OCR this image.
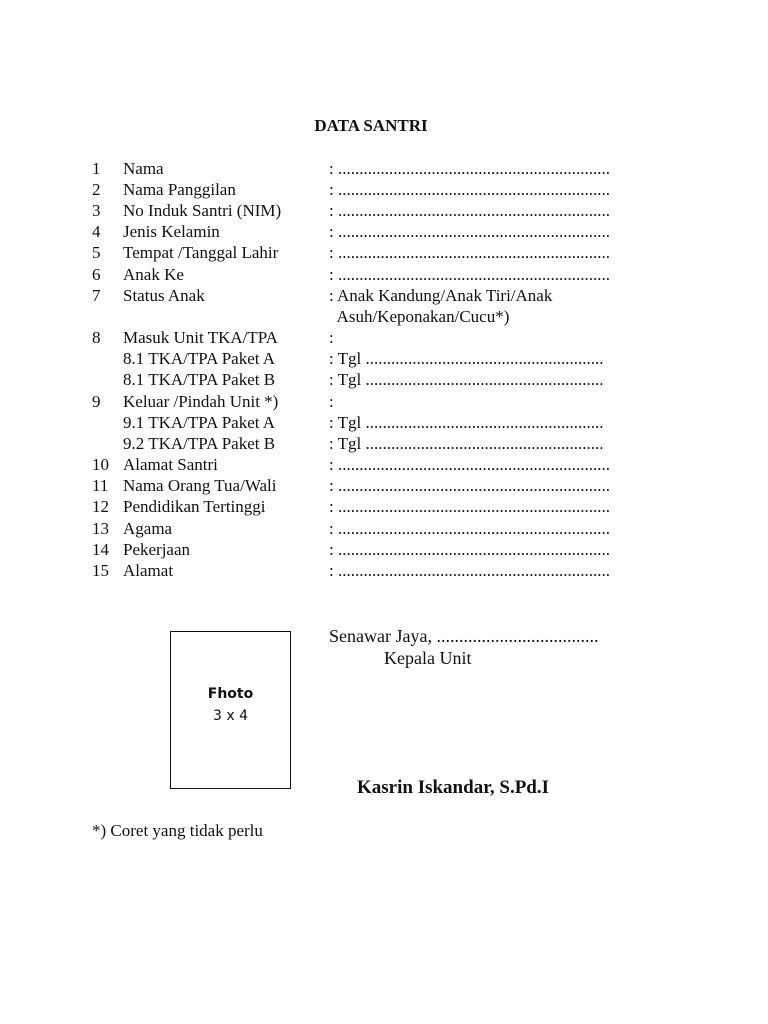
DATA SANTRI
1 Nama	: ................................................................
2 Nama Panggilan	: ................................................................
3 No Induk Santri (NIM)	: ................................................................
4 Jenis Kelamin	: ................................................................
5 Tempat /Tanggal Lahir	: ................................................................
6 Anak Ke	: ................................................................
7 Status Anak	: Anak Kandung/Anak Tiri/Anak
Asuh/Keponakan/Cucu*)
8 Masuk Unit TKA/TPA	:
8.1 TKA/TPA Paket A	: Tgl ........................................................
8.1 TKA/TPA Paket B	: Tgl ........................................................
9 Keluar /Pindah Unit *)	:
9.1 TKA/TPA Paket A	: Tgl ........................................................
9.2 TKA/TPA Paket B	: Tgl ........................................................
10 Alamat Santri	: ................................................................
11 Nama Orang Tua/Wali	: ................................................................
12 Pendidikan Tertinggi	: ................................................................
13 Agama	: ................................................................
14 Pekerjaan	: ................................................................
15 Alamat	: ................................................................
Fhoto
3 x 4
Senawar Jaya, ....................................
Kepala Unit
Kasrin Iskandar, S.Pd.I
*) Coret yang tidak perlu
